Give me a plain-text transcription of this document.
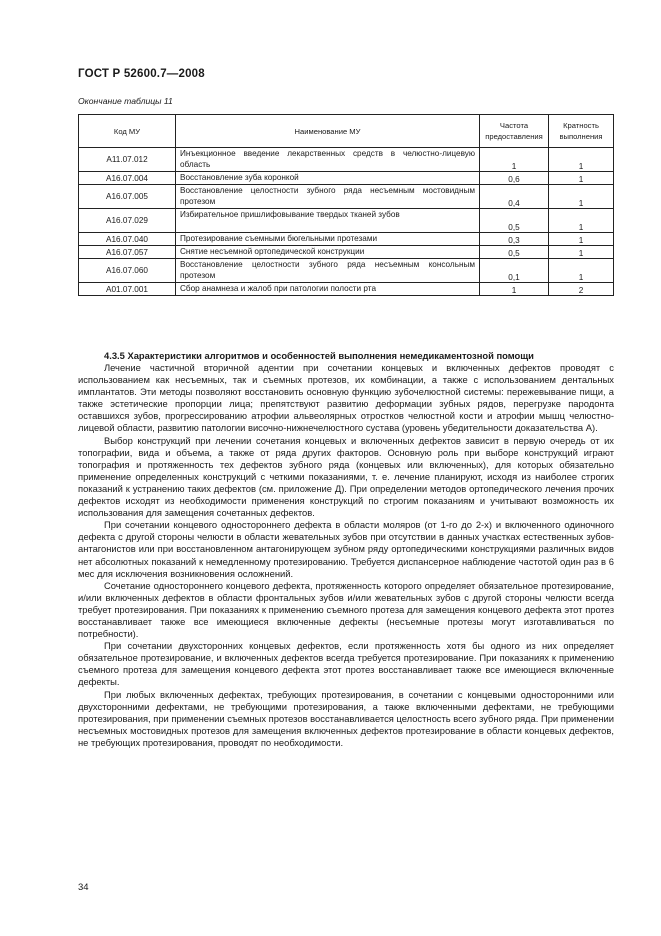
ГОСТ Р 52600.7—2008
Окончание таблицы 11
Код МУ	Наименование МУ	Частота предоставления	Кратность выполнения
A11.07.012	Инъекционное введение лекарственных средств в челюстно-лицевую область	1	1
A16.07.004	Восстановление зуба коронкой	0,6	1
A16.07.005	Восстановление целостности зубного ряда несъемным мостовидным протезом	0,4	1
A16.07.029	Избирательное пришлифовывание твердых тканей зубов	0,5	1
A16.07.040	Протезирование съемными бюгельными протезами	0,3	1
A16.07.057	Снятие несъемной ортопедической конструкции	0,5	1
A16.07.060	Восстановление целостности зубного ряда несъемным консольным протезом	0,1	1
A01.07.001	Сбор анамнеза и жалоб при патологии полости рта	1	2
4.3.5 Характеристики алгоритмов и особенностей выполнения немедикаментозной помощи

Лечение частичной вторичной адентии при сочетании концевых и включенных дефектов проводят с использованием как несъемных, так и съемных протезов, их комбинации, а также с использованием дентальных имплантатов. Эти методы позволяют восстановить основную функцию зубочелюстной системы: пережевывание пищи, а также эстетические пропорции лица; препятствуют развитию деформации зубных рядов, перегрузке пародонта оставшихся зубов, прогрессированию атрофии альвеолярных отростков челюстной кости и атрофии мышц челюстно-лицевой области, развитию патологии височно-нижнечелюстного сустава (уровень убедительности доказательства А).

Выбор конструкций при лечении сочетания концевых и включенных дефектов зависит в первую очередь от их топографии, вида и объема, а также от ряда других факторов. Основную роль при выборе конструкций играют топография и протяженность тех дефектов зубного ряда (концевых или включенных), для которых обязательно применение определенных конструкций с четкими показаниями, т. е. лечение планируют, исходя из наиболее строгих показаний к устранению таких дефектов (см. приложение Д). При определении методов ортопедического лечения прочих дефектов исходят из необходимости применения конструкций по строгим показаниям и учитывают возможность их использования для замещения сочетанных дефектов.

При сочетании концевого одностороннего дефекта в области моляров (от 1-го до 2-х) и включенного одиночного дефекта с другой стороны челюсти в области жевательных зубов при отсутствии в данных участках естественных зубов-антагонистов или при восстановленном антагонирующем зубном ряду ортопедическими конструкциями различных видов нет абсолютных показаний к немедленному протезированию. Требуется диспансерное наблюдение частотой один раз в 6 мес для исключения возникновения осложнений.

Сочетание одностороннего концевого дефекта, протяженность которого определяет обязательное протезирование, и/или включенных дефектов в области фронтальных зубов и/или жевательных зубов с другой стороны челюсти всегда требует протезирования. При показаниях к применению съемного протеза для замещения концевого дефекта этот протез восстанавливает также все имеющиеся включенные дефекты (несъемные протезы могут изготавливаться по потребности).

При сочетании двухсторонних концевых дефектов, если протяженность хотя бы одного из них определяет обязательное протезирование, и включенных дефектов всегда требуется протезирование. При показаниях к применению съемного протеза для замещения концевого дефекта этот протез восстанавливает также все имеющиеся включенные дефекты.

При любых включенных дефектах, требующих протезирования, в сочетании с концевыми односторонними или двухсторонними дефектами, не требующими протезирования, а также включенными дефектами, не требующими протезирования, при применении съемных протезов восстанавливается целостность всего зубного ряда. При применении несъемных мостовидных протезов для замещения включенных дефектов протезирование в области концевых дефектов, не требующих протезирования, проводят по необходимости.

34
